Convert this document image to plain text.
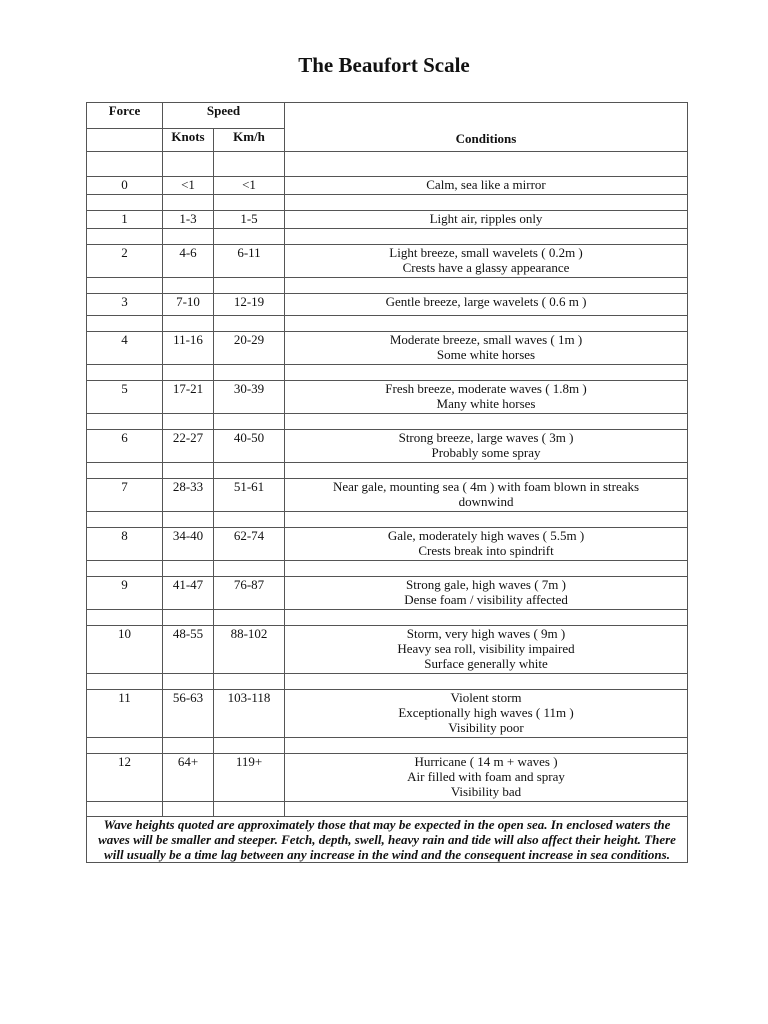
The Beaufort Scale
Force	Speed		Conditions
	Knots	Km/h	

0	<1	<1	Calm, sea like a mirror

1	1-3	1-5	Light air, ripples only

2	4-6	6-11	Light breeze, small wavelets ( 0.2m )
Crests have a glassy appearance

3	7-10	12-19	Gentle breeze, large wavelets ( 0.6 m )

4	11-16	20-29	Moderate breeze, small waves ( 1m )
Some white horses

5	17-21	30-39	Fresh breeze, moderate waves ( 1.8m )
Many white horses

6	22-27	40-50	Strong breeze, large waves ( 3m )
Probably some spray

7	28-33	51-61	Near gale, mounting sea ( 4m ) with foam blown in streaks
downwind

8	34-40	62-74	Gale, moderately high waves ( 5.5m )
Crests break into spindrift

9	41-47	76-87	Strong gale, high waves ( 7m )
Dense foam / visibility affected

10	48-55	88-102	Storm, very high waves ( 9m )
Heavy sea roll, visibility impaired
Surface generally white

11	56-63	103-118	Violent storm
Exceptionally high waves ( 11m )
Visibility poor

12	64+	119+	Hurricane ( 14 m + waves )
Air filled with foam and spray
Visibility bad

Wave heights quoted are approximately those that may be expected in the open sea. In enclosed waters the waves will be smaller and steeper. Fetch, depth, swell, heavy rain and tide will also affect their height. There will usually be a time lag between any increase in the wind and the consequent increase in sea conditions.			
